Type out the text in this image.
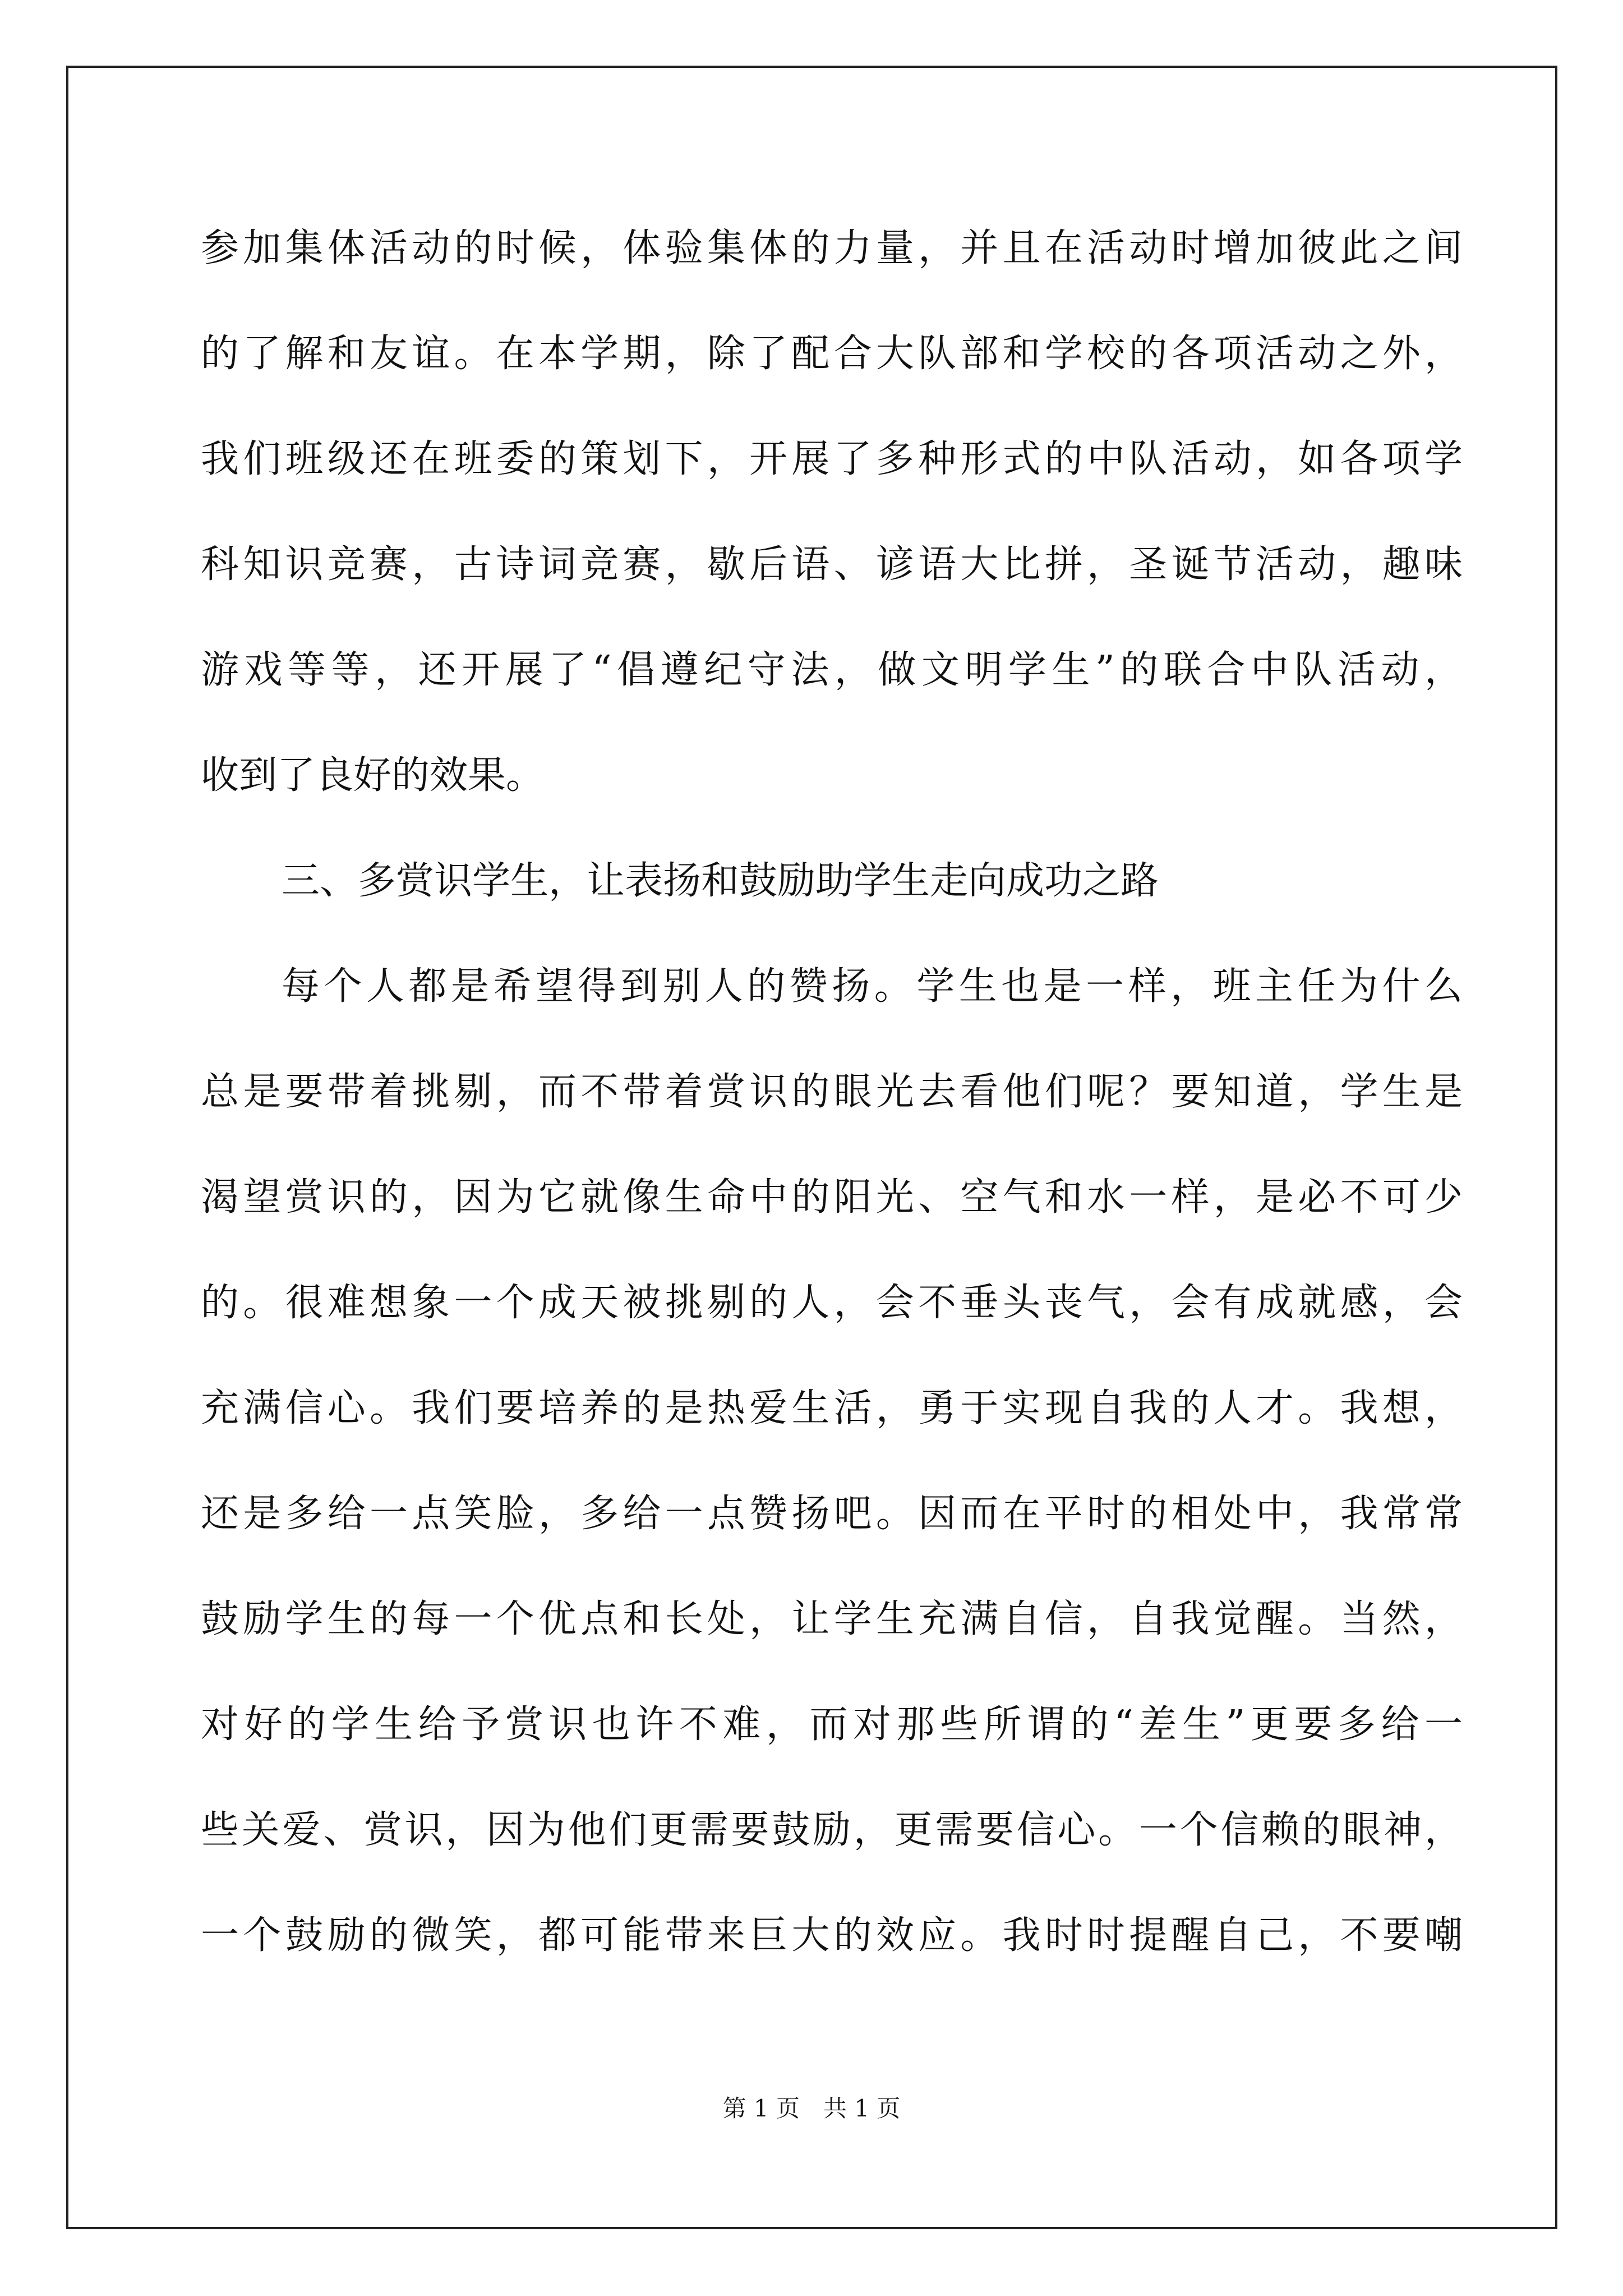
参加集体活动的时候，体验集体的力量，并且在活动时增加彼此之间
的了解和友谊。在本学期，除了配合大队部和学校的各项活动之外，
我们班级还在班委的策划下，开展了多种形式的中队活动，如各项学
科知识竞赛，古诗词竞赛，歇后语、谚语大比拼，圣诞节活动，趣味
游戏等等，还开展了“倡遵纪守法，做文明学生”的联合中队活动，
收到了良好的效果。
三、多赏识学生，让表扬和鼓励助学生走向成功之路
每个人都是希望得到别人的赞扬。学生也是一样，班主任为什么
总是要带着挑剔，而不带着赏识的眼光去看他们呢？要知道，学生是
渴望赏识的，因为它就像生命中的阳光、空气和水一样，是必不可少
的。很难想象一个成天被挑剔的人，会不垂头丧气，会有成就感，会
充满信心。我们要培养的是热爱生活，勇于实现自我的人才。我想，
还是多给一点笑脸，多给一点赞扬吧。因而在平时的相处中，我常常
鼓励学生的每一个优点和长处，让学生充满自信，自我觉醒。当然，
对好的学生给予赏识也许不难，而对那些所谓的“差生”更要多给一
些关爱、赏识，因为他们更需要鼓励，更需要信心。一个信赖的眼神，
一个鼓励的微笑，都可能带来巨大的效应。我时时提醒自己，不要嘲
第 1 页　共 1 页
